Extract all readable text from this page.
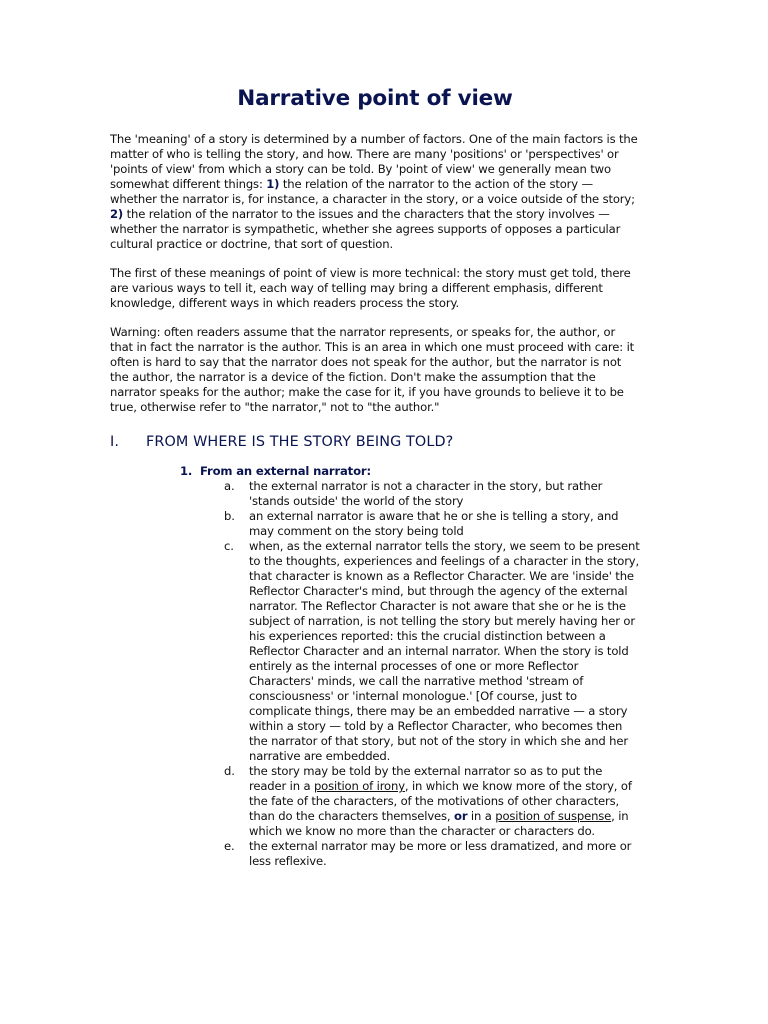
Narrative point of view

The 'meaning' of a story is determined by a number of factors. One of the main factors is the matter of who is telling the story, and how. There are many 'positions' or 'perspectives' or 'points of view' from which a story can be told. By 'point of view' we generally mean two somewhat different things: 1) the relation of the narrator to the action of the story — whether the narrator is, for instance, a character in the story, or a voice outside of the story; 2) the relation of the narrator to the issues and the characters that the story involves — whether the narrator is sympathetic, whether she agrees supports of opposes a particular cultural practice or doctrine, that sort of question.

The first of these meanings of point of view is more technical: the story must get told, there are various ways to tell it, each way of telling may bring a different emphasis, different knowledge, different ways in which readers process the story.

Warning: often readers assume that the narrator represents, or speaks for, the author, or that in fact the narrator is the author. This is an area in which one must proceed with care: it often is hard to say that the narrator does not speak for the author, but the narrator is not the author, the narrator is a device of the fiction. Don't make the assumption that the narrator speaks for the author; make the case for it, if you have grounds to believe it to be true, otherwise refer to "the narrator," not to "the author."

I. FROM WHERE IS THE STORY BEING TOLD?
1. From an external narrator:
a. the external narrator is not a character in the story, but rather 'stands outside' the world of the story
b. an external narrator is aware that he or she is telling a story, and may comment on the story being told
c. when, as the external narrator tells the story, we seem to be present to the thoughts, experiences and feelings of a character in the story, that character is known as a Reflector Character. We are 'inside' the Reflector Character's mind, but through the agency of the external narrator. The Reflector Character is not aware that she or he is the subject of narration, is not telling the story but merely having her or his experiences reported: this the crucial distinction between a Reflector Character and an internal narrator. When the story is told entirely as the internal processes of one or more Reflector Characters' minds, we call the narrative method 'stream of consciousness' or 'internal monologue.' [Of course, just to complicate things, there may be an embedded narrative — a story within a story — told by a Reflector Character, who becomes then the narrator of that story, but not of the story in which she and her narrative are embedded.
d. the story may be told by the external narrator so as to put the reader in a position of irony, in which we know more of the story, of the fate of the characters, of the motivations of other characters, than do the characters themselves, or in a position of suspense, in which we know no more than the character or characters do.
e. the external narrator may be more or less dramatized, and more or less reflexive.
